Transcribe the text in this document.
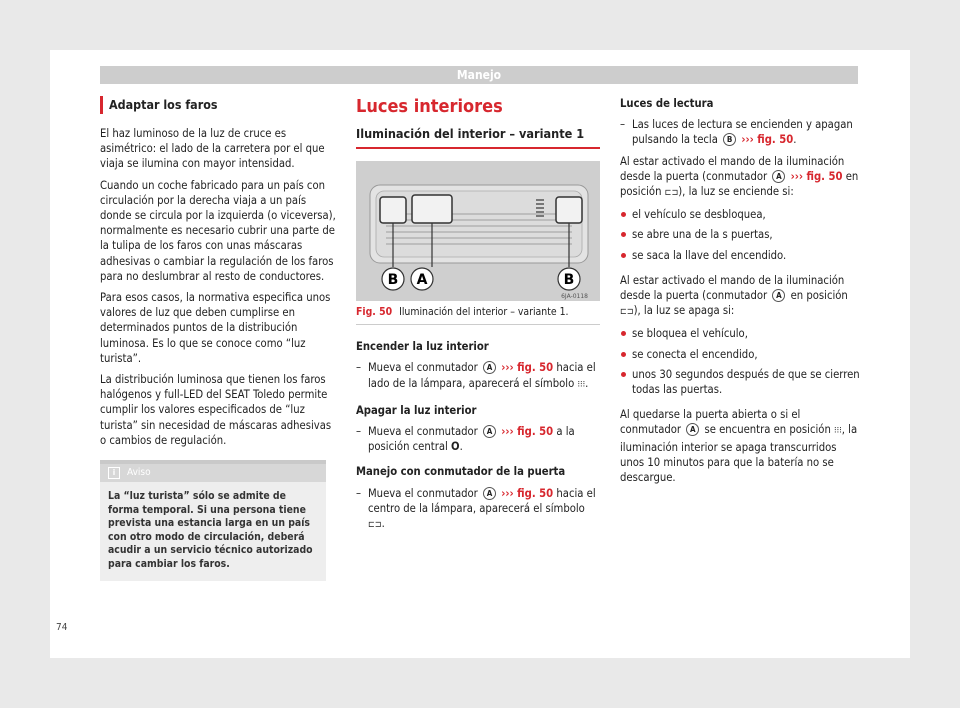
Manejo
Adaptar los faros

El haz luminoso de la luz de cruce es asimétrico: el lado de la carretera por el que viaja se ilumina con mayor intensidad.

Cuando un coche fabricado para un país con circulación por la derecha viaja a un país donde se circula por la izquierda (o viceversa), normalmente es necesario cubrir una parte de la tulipa de los faros con unas máscaras adhesivas o cambiar la regulación de los faros para no deslumbrar al resto de conductores.

Para esos casos, la normativa especifica unos valores de luz que deben cumplirse en determinados puntos de la distribución luminosa. Es lo que se conoce como “luz turista”.

La distribución luminosa que tienen los faros halógenos y full-LED del SEAT Toledo permite cumplir los valores especificados de “luz turista” sin necesidad de máscaras adhesivas o cambios de regulación.

i	Aviso
La “luz turista” sólo se admite de forma temporal. Si una persona tiene prevista una estancia larga en un país con otro modo de circulación, deberá acudir a un servicio técnico autorizado para cambiar los faros.
Luces interiores
Iluminación del interior – variante 1
B A	B
6JA-0118
Fig. 50 Iluminación del interior – variante 1.

Encender la luz interior

– Mueva el conmutador A ››› fig. 50 hacia el lado de la lámpara, aparecerá el símbolo ⁝⁝⁝.

Apagar la luz interior

– Mueva el conmutador A ››› fig. 50 a la posición central O.

Manejo con conmutador de la puerta

– Mueva el conmutador A ››› fig. 50 hacia el centro de la lámpara, aparecerá el símbolo ⊏⊐.

Luces de lectura

– Las luces de lectura se encienden y apagan pulsando la tecla B ››› fig. 50.

Al estar activado el mando de la iluminación desde la puerta (conmutador A ››› fig. 50 en posición ⊏⊐), la luz se enciende si:

el vehículo se desbloquea,

se abre una de la s puertas,

se saca la llave del encendido.

Al estar activado el mando de la iluminación desde la puerta (conmutador A en posición ⊏⊐), la luz se apaga si:

se bloquea el vehículo,

se conecta el encendido,

unos 30 segundos después de que se cierren todas las puertas.

Al quedarse la puerta abierta o si el conmutador A se encuentra en posición ⁝⁝⁝, la iluminación interior se apaga transcurridos unos 10 minutos para que la batería no se descargue.

74
